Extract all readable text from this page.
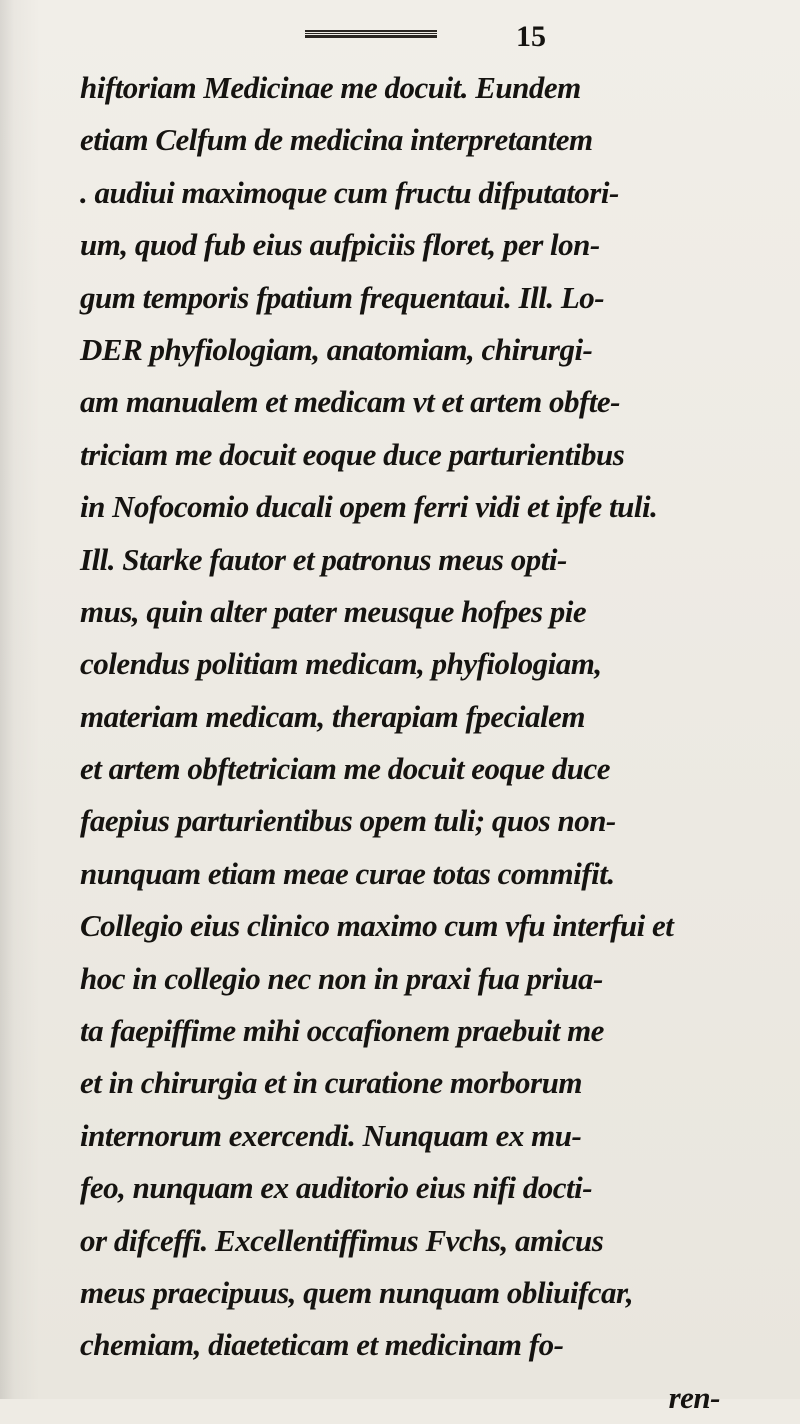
15
hiftoriam Medicinae me docuit. Eundem
etiam Celfum de medicina interpretantem
. audiui maximoque cum fructu difputatori-
um, quod fub eius aufpiciis floret, per lon-
gum temporis fpatium frequentaui. Ill. Lo-
DER phyfiologiam, anatomiam, chirurgi-
am manualem et medicam vt et artem obfte-
triciam me docuit eoque duce parturientibus
in Nofocomio ducali opem ferri vidi et ipfe tuli.
Ill. Starke fautor et patronus meus opti-
mus, quin alter pater meusque hofpes pie
colendus politiam medicam, phyfiologiam,
materiam medicam, therapiam fpecialem
et artem obftetriciam me docuit eoque duce
faepius parturientibus opem tuli; quos non-
nunquam etiam meae curae totas commifit.
Collegio eius clinico maximo cum vfu interfui et
hoc in collegio nec non in praxi fua priua-
ta faepiffime mihi occafionem praebuit me
et in chirurgia et in curatione morborum
internorum exercendi. Nunquam ex mu-
feo, nunquam ex auditorio eius nifi docti-
or difceffi. Excellentiffimus Fvchs, amicus
meus praecipuus, quem nunquam obliuifcar,
chemiam, diaeteticam et medicinam fo-
ren-
